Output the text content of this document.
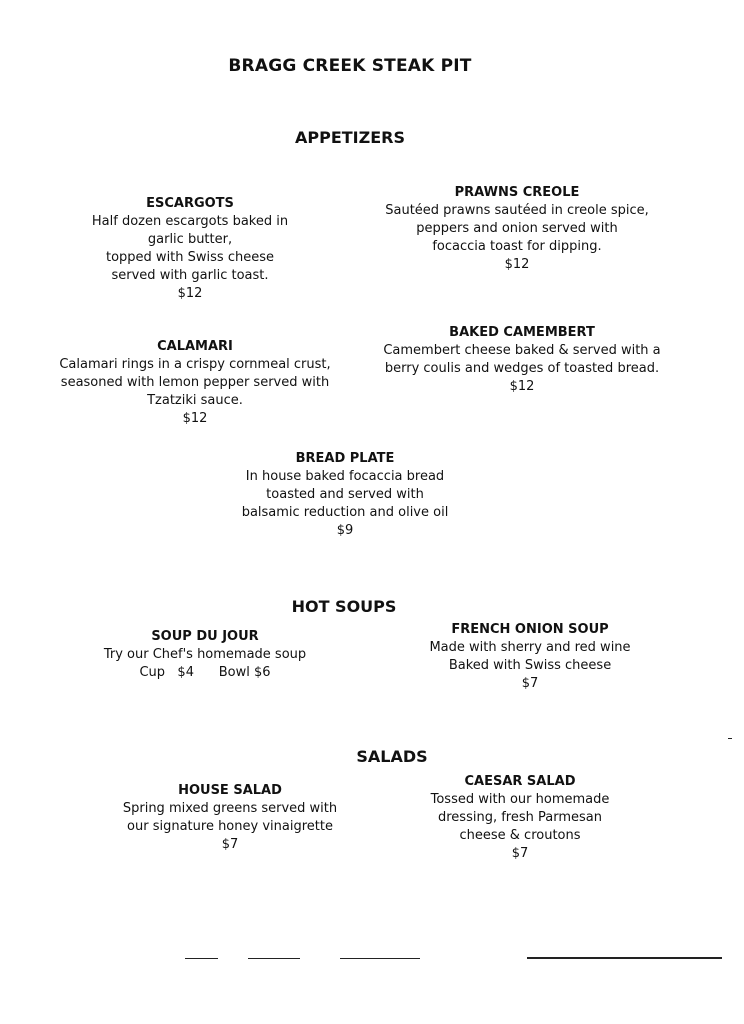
BRAGG CREEK STEAK PIT
APPETIZERS
ESCARGOTS
Half dozen escargots baked in
garlic butter,
topped with Swiss cheese
served with garlic toast.
$12
PRAWNS CREOLE
Sautéed prawns sautéed in creole spice,
peppers and onion served with
focaccia toast for dipping.
$12
CALAMARI
Calamari rings in a crispy cornmeal crust,
seasoned with lemon pepper served with
Tzatziki sauce.
$12
BAKED CAMEMBERT
Camembert cheese baked & served with a
berry coulis and wedges of toasted bread.
$12
BREAD PLATE
In house baked focaccia bread
toasted and served with
balsamic reduction and olive oil
$9
HOT SOUPS
SOUP DU JOUR
Try our Chef's homemade soup
Cup   $4      Bowl $6
FRENCH ONION SOUP
Made with sherry and red wine
Baked with Swiss cheese
$7
SALADS
HOUSE SALAD
Spring mixed greens served with
our signature honey vinaigrette
$7
CAESAR SALAD
Tossed with our homemade
dressing, fresh Parmesan
cheese & croutons
$7
